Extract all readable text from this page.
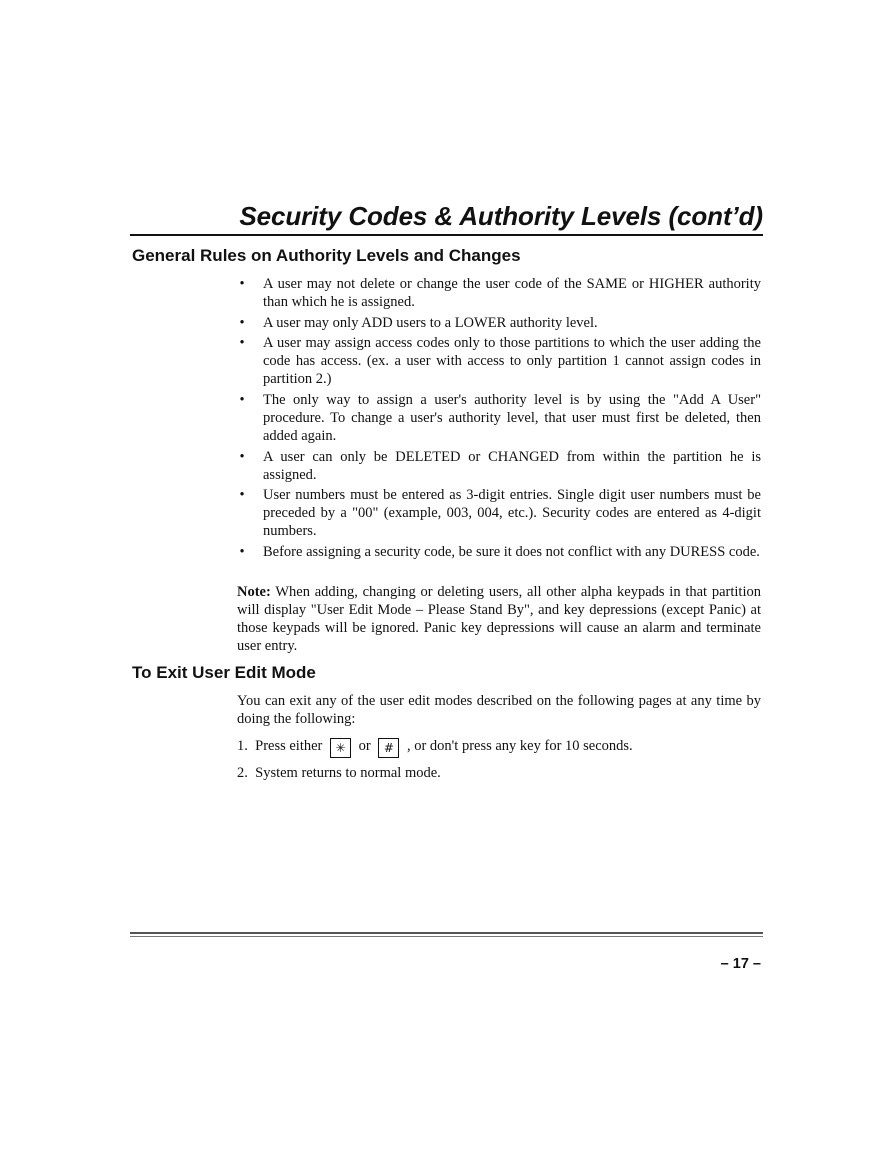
Security Codes & Authority Levels (cont’d)
General Rules on Authority Levels and Changes
• A user may not delete or change the user code of the SAME or HIGHER authority than which he is assigned.
• A user may only ADD users to a LOWER authority level.
• A user may assign access codes only to those partitions to which the user adding the code has access. (ex. a user with access to only partition 1 cannot assign codes in partition 2.)
• The only way to assign a user's authority level is by using the "Add A User" procedure. To change a user's authority level, that user must first be deleted, then added again.
• A user can only be DELETED or CHANGED from within the partition he is assigned.
• User numbers must be entered as 3-digit entries. Single digit user numbers must be preceded by a "00" (example, 003, 004, etc.). Security codes are entered as 4-digit numbers.
• Before assigning a security code, be sure it does not conflict with any DURESS code.

Note: When adding, changing or deleting users, all other alpha keypads in that partition will display "User Edit Mode – Please Stand By", and key depressions (except Panic) at those keypads will be ignored. Panic key depressions will cause an alarm and terminate user entry.

To Exit User Edit Mode

You can exit any of the user edit modes described on the following pages at any time by doing the following:

1. Press either ✳ or # , or don't press any key for 10 seconds.

2. System returns to normal mode.

– 17 –
